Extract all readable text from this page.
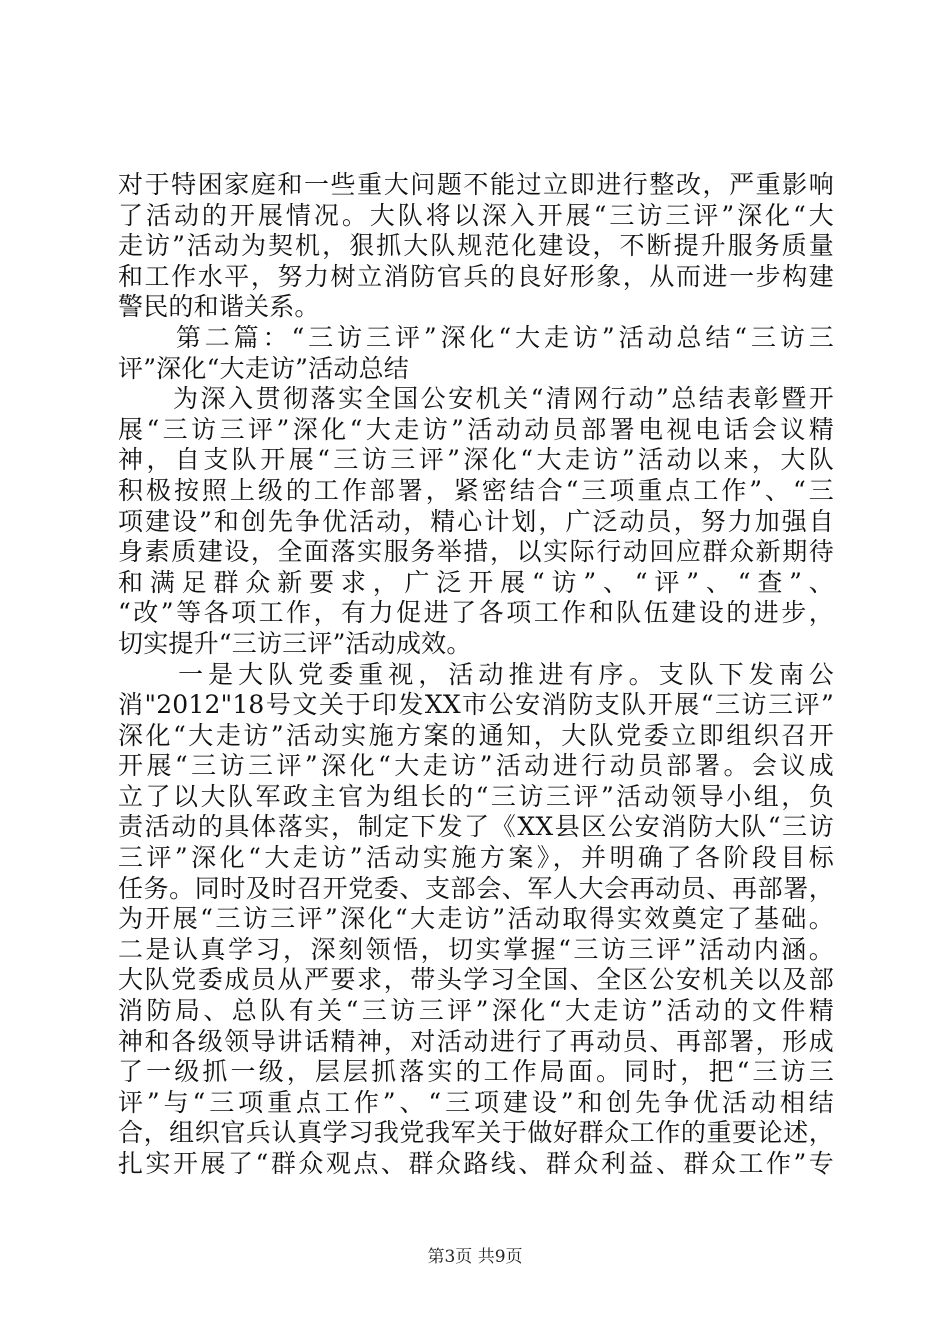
对于特困家庭和一些重大问题不能过立即进行整改，严重影响
了活动的开展情况。大队将以深入开展“三访三评”深化“大
走访”活动为契机，狠抓大队规范化建设，不断提升服务质量
和工作水平，努力树立消防官兵的良好形象，从而进一步构建
警民的和谐关系。
　　第二篇：“三访三评”深化“大走访”活动总结“三访三
评”深化“大走访”活动总结
　　为深入贯彻落实全国公安机关“清网行动”总结表彰暨开
展“三访三评”深化“大走访”活动动员部署电视电话会议精
神，自支队开展“三访三评”深化“大走访”活动以来，大队
积极按照上级的工作部署，紧密结合“三项重点工作”、“三
项建设”和创先争优活动，精心计划，广泛动员，努力加强自
身素质建设，全面落实服务举措，以实际行动回应群众新期待
和满足群众新要求，广泛开展“访”、“评”、“查”、
“改”等各项工作，有力促进了各项工作和队伍建设的进步，
切实提升“三访三评”活动成效。
　　一是大队党委重视，活动推进有序。支队下发南公
消"2012"18号文关于印发XX市公安消防支队开展“三访三评”
深化“大走访”活动实施方案的通知，大队党委立即组织召开
开展“三访三评”深化“大走访”活动进行动员部署。会议成
立了以大队军政主官为组长的“三访三评”活动领导小组，负
责活动的具体落实，制定下发了《XX县区公安消防大队“三访
三评”深化“大走访”活动实施方案》，并明确了各阶段目标
任务。同时及时召开党委、支部会、军人大会再动员、再部署，
为开展“三访三评”深化“大走访”活动取得实效奠定了基础。
二是认真学习，深刻领悟，切实掌握“三访三评”活动内涵。
大队党委成员从严要求，带头学习全国、全区公安机关以及部
消防局、总队有关“三访三评”深化“大走访”活动的文件精
神和各级领导讲话精神，对活动进行了再动员、再部署，形成
了一级抓一级，层层抓落实的工作局面。同时，把“三访三
评”与“三项重点工作”、“三项建设”和创先争优活动相结
合，组织官兵认真学习我党我军关于做好群众工作的重要论述，
扎实开展了“群众观点、群众路线、群众利益、群众工作”专
第3页 共9页
